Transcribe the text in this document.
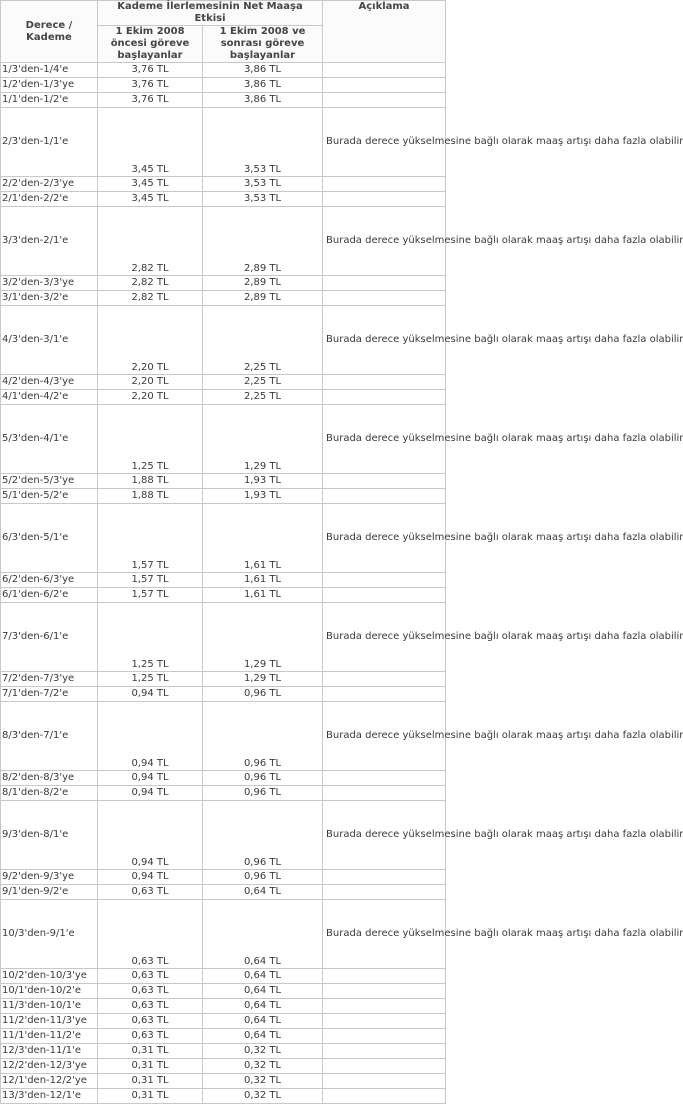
Derece / Kademe	Kademe İlerlemesinin Net Maaşa Etkisi		Açıklama
	1 Ekim 2008 öncesi göreve başlayanlar	1 Ekim 2008 ve sonrası göreve başlayanlar	
1/3'den-1/4'e	3,76 TL	3,86 TL	
1/2'den-1/3'ye	3,76 TL	3,86 TL	
1/1'den-1/2'e	3,76 TL	3,86 TL	
2/3'den-1/1'e	3,45 TL	3,53 TL	Burada derece yükselmesine bağlı olarak maaş artışı daha fazla olabilir
2/2'den-2/3'ye	3,45 TL	3,53 TL	
2/1'den-2/2'e	3,45 TL	3,53 TL	
3/3'den-2/1'e	2,82 TL	2,89 TL	Burada derece yükselmesine bağlı olarak maaş artışı daha fazla olabilir
3/2'den-3/3'ye	2,82 TL	2,89 TL	
3/1'den-3/2'e	2,82 TL	2,89 TL	
4/3'den-3/1'e	2,20 TL	2,25 TL	Burada derece yükselmesine bağlı olarak maaş artışı daha fazla olabilir
4/2'den-4/3'ye	2,20 TL	2,25 TL	
4/1'den-4/2'e	2,20 TL	2,25 TL	
5/3'den-4/1'e	1,25 TL	1,29 TL	Burada derece yükselmesine bağlı olarak maaş artışı daha fazla olabilir
5/2'den-5/3'ye	1,88 TL	1,93 TL	
5/1'den-5/2'e	1,88 TL	1,93 TL	
6/3'den-5/1'e	1,57 TL	1,61 TL	Burada derece yükselmesine bağlı olarak maaş artışı daha fazla olabilir
6/2'den-6/3'ye	1,57 TL	1,61 TL	
6/1'den-6/2'e	1,57 TL	1,61 TL	
7/3'den-6/1'e	1,25 TL	1,29 TL	Burada derece yükselmesine bağlı olarak maaş artışı daha fazla olabilir
7/2'den-7/3'ye	1,25 TL	1,29 TL	
7/1'den-7/2'e	0,94 TL	0,96 TL	
8/3'den-7/1'e	0,94 TL	0,96 TL	Burada derece yükselmesine bağlı olarak maaş artışı daha fazla olabilir
8/2'den-8/3'ye	0,94 TL	0,96 TL	
8/1'den-8/2'e	0,94 TL	0,96 TL	
9/3'den-8/1'e	0,94 TL	0,96 TL	Burada derece yükselmesine bağlı olarak maaş artışı daha fazla olabilir
9/2'den-9/3'ye	0,94 TL	0,96 TL	
9/1'den-9/2'e	0,63 TL	0,64 TL	
10/3'den-9/1'e	0,63 TL	0,64 TL	Burada derece yükselmesine bağlı olarak maaş artışı daha fazla olabilir
10/2'den-10/3'ye	0,63 TL	0,64 TL	
10/1'den-10/2'e	0,63 TL	0,64 TL	
11/3'den-10/1'e	0,63 TL	0,64 TL	
11/2'den-11/3'ye	0,63 TL	0,64 TL	
11/1'den-11/2'e	0,63 TL	0,64 TL	
12/3'den-11/1'e	0,31 TL	0,32 TL	
12/2'den-12/3'ye	0,31 TL	0,32 TL	
12/1'den-12/2'ye	0,31 TL	0,32 TL	
13/3'den-12/1'e	0,31 TL	0,32 TL	
